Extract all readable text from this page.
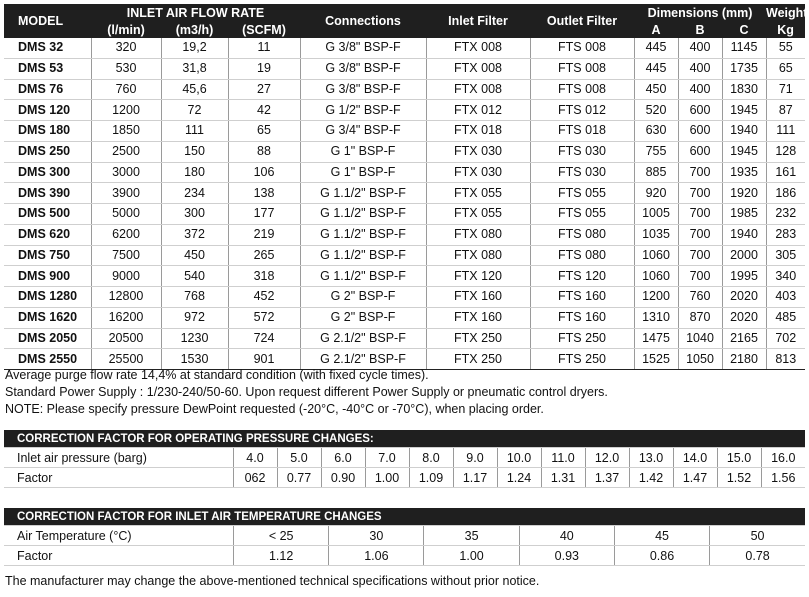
MODEL	INLET AIR FLOW RATE			Connections	Inlet Filter	Outlet Filter	Dimensions (mm)			Weight
	(l/min)	(m3/h)	(SCFM)				A	B	C	Kg
DMS 32	320	19,2	11	G 3/8" BSP-F	FTX 008	FTS 008	445	400	1145	55
DMS 53	530	31,8	19	G 3/8" BSP-F	FTX 008	FTS 008	445	400	1735	65
DMS 76	760	45,6	27	G 3/8" BSP-F	FTX 008	FTS 008	450	400	1830	71
DMS 120	1200	72	42	G 1/2" BSP-F	FTX 012	FTS 012	520	600	1945	87
DMS 180	1850	111	65	G 3/4" BSP-F	FTX 018	FTS 018	630	600	1940	111
DMS 250	2500	150	88	G 1" BSP-F	FTX 030	FTS 030	755	600	1945	128
DMS 300	3000	180	106	G 1" BSP-F	FTX 030	FTS 030	885	700	1935	161
DMS 390	3900	234	138	G 1.1/2" BSP-F	FTX 055	FTS 055	920	700	1920	186
DMS 500	5000	300	177	G 1.1/2" BSP-F	FTX 055	FTS 055	1005	700	1985	232
DMS 620	6200	372	219	G 1.1/2" BSP-F	FTX 080	FTS 080	1035	700	1940	283
DMS 750	7500	450	265	G 1.1/2" BSP-F	FTX 080	FTS 080	1060	700	2000	305
DMS 900	9000	540	318	G 1.1/2" BSP-F	FTX 120	FTS 120	1060	700	1995	340
DMS 1280	12800	768	452	G 2" BSP-F	FTX 160	FTS 160	1200	760	2020	403
DMS 1620	16200	972	572	G 2" BSP-F	FTX 160	FTS 160	1310	870	2020	485
DMS 2050	20500	1230	724	G 2.1/2" BSP-F	FTX 250	FTS 250	1475	1040	2165	702
DMS 2550	25500	1530	901	G 2.1/2" BSP-F	FTX 250	FTS 250	1525	1050	2180	813
Average purge flow rate 14,4% at standard condition (with fixed cycle times).
Standard Power Supply : 1/230-240/50-60. Upon request different Power Supply or pneumatic control dryers.
NOTE: Please specify pressure DewPoint requested (-20°C, -40°C or -70°C), when placing order.
CORRECTION FACTOR FOR OPERATING PRESSURE CHANGES:													
Inlet air pressure (barg)	4.0	5.0	6.0	7.0	8.0	9.0	10.0	11.0	12.0	13.0	14.0	15.0	16.0
Factor	062	0.77	0.90	1.00	1.09	1.17	1.24	1.31	1.37	1.42	1.47	1.52	1.56
CORRECTION FACTOR FOR INLET AIR TEMPERATURE CHANGES						
Air Temperature (°C)	< 25	30	35	40	45	50
Factor	1.12	1.06	1.00	0.93	0.86	0.78
The manufacturer may change the above-mentioned technical specifications without prior notice.
